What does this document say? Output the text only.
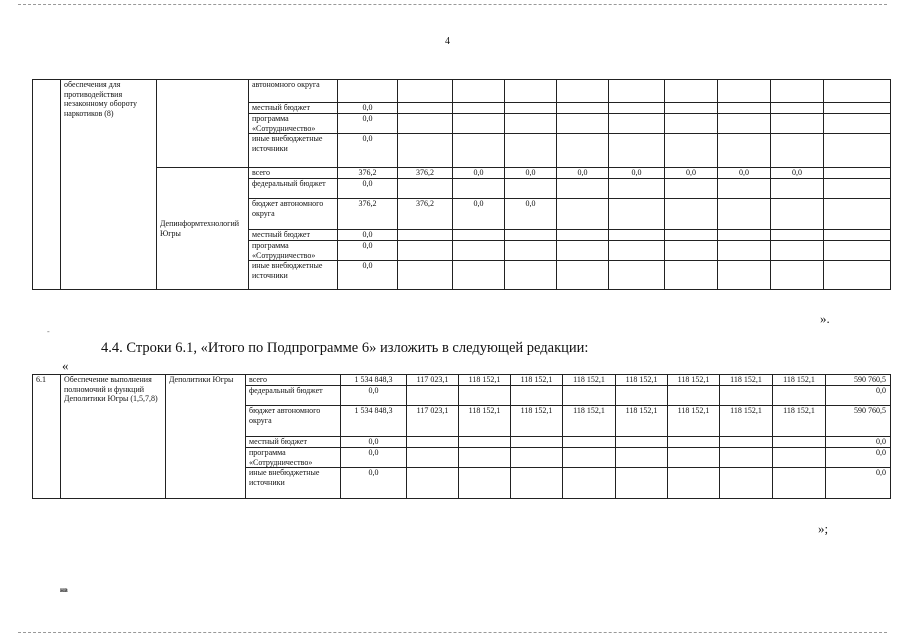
4
	обеспечения для противодействия незаконному обороту наркотиков (8)		автономного округа											
			местный бюджет	0,0										
			программа «Сотрудничество»	0,0										
			иные внебюджетные источники	0,0										
		Депинформтехнологий Югры	всего	376,2	376,2	0,0	0,0	0,0	0,0	0,0	0,0	0,0		
			федеральный бюджет	0,0										
			бюджет автономного округа	376,2	376,2	0,0	0,0							
			местный бюджет	0,0										
			программа «Сотрудничество»	0,0										
			иные внебюджетные источники	0,0										
».
-
4.4. Строки 6.1, «Итого по Подпрограмме 6» изложить в следующей редакции:
«
6.1	Обеспечение выполнения полномочий и функций Деполитики Югры (1,5,7,8)	Деполитики Югры	всего	1 534 848,3	117 023,1	118 152,1	118 152,1	118 152,1	118 152,1	118 152,1	118 152,1	118 152,1	590 760,5
			федеральный бюджет	0,0									0,0
			бюджет автономного округа	1 534 848,3	117 023,1	118 152,1	118 152,1	118 152,1	118 152,1	118 152,1	118 152,1	118 152,1	590 760,5
			местный бюджет	0,0									0,0
			программа «Сотрудничество»	0,0									0,0
			иные внебюджетные источники	0,0									0,0
»;
нв
